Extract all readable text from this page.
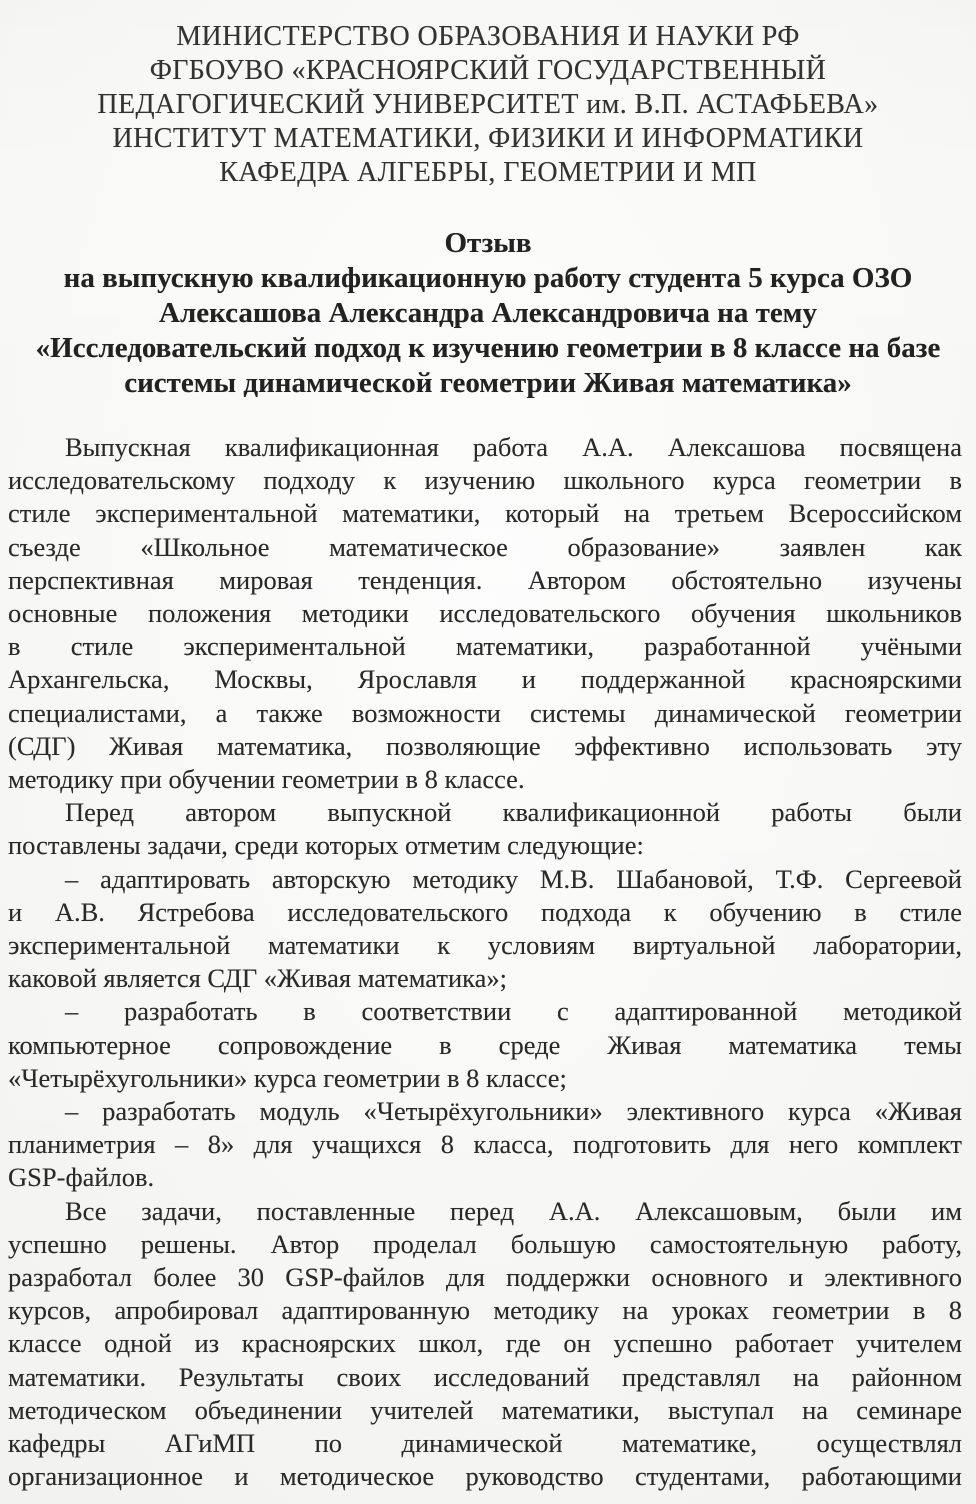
МИНИСТЕРСТВО ОБРАЗОВАНИЯ И НАУКИ РФ
ФГБОУВО «КРАСНОЯРСКИЙ ГОСУДАРСТВЕННЫЙ
ПЕДАГОГИЧЕСКИЙ УНИВЕРСИТЕТ им. В.П. АСТАФЬЕВА»
ИНСТИТУТ МАТЕМАТИКИ, ФИЗИКИ И ИНФОРМАТИКИ
КАФЕДРА АЛГЕБРЫ, ГЕОМЕТРИИ И МП
Отзыв
на выпускную квалификационную работу студента 5 курса ОЗО
Алексашова Александра Александровича на тему
«Исследовательский подход к изучению геометрии в 8 классе на базе
системы динамической геометрии Живая математика»
Выпускная квалификационная работа А.А. Алексашова посвящена
исследовательскому подходу к изучению школьного курса геометрии в
стиле экспериментальной математики, который на третьем Всероссийском
съезде «Школьное математическое образование» заявлен как
перспективная мировая тенденция. Автором обстоятельно изучены
основные положения методики исследовательского обучения школьников
в стиле экспериментальной математики, разработанной учёными
Архангельска, Москвы, Ярославля и поддержанной красноярскими
специалистами, а также возможности системы динамической геометрии
(СДГ) Живая математика, позволяющие эффективно использовать эту
методику при обучении геометрии в 8 классе.
Перед автором выпускной квалификационной работы были
поставлены задачи, среди которых отметим следующие:
– адаптировать авторскую методику М.В. Шабановой, Т.Ф. Сергеевой
и А.В. Ястребова исследовательского подхода к обучению в стиле
экспериментальной математики к условиям виртуальной лаборатории,
каковой является СДГ «Живая математика»;
– разработать в соответствии с адаптированной методикой
компьютерное сопровождение в среде Живая математика темы
«Четырёхугольники» курса геометрии в 8 классе;
– разработать модуль «Четырёхугольники» элективного курса «Живая
планиметрия – 8» для учащихся 8 класса, подготовить для него комплект
GSP-файлов.
Все задачи, поставленные перед А.А. Алексашовым, были им
успешно решены. Автор проделал большую самостоятельную работу,
разработал более 30 GSP-файлов для поддержки основного и элективного
курсов, апробировал адаптированную методику на уроках геометрии в 8
классе одной из красноярских школ, где он успешно работает учителем
математики. Результаты своих исследований представлял на районном
методическом объединении учителей математики, выступал на семинаре
кафедры АГиМП по динамической математике, осуществлял
организационное и методическое руководство студентами, работающими
